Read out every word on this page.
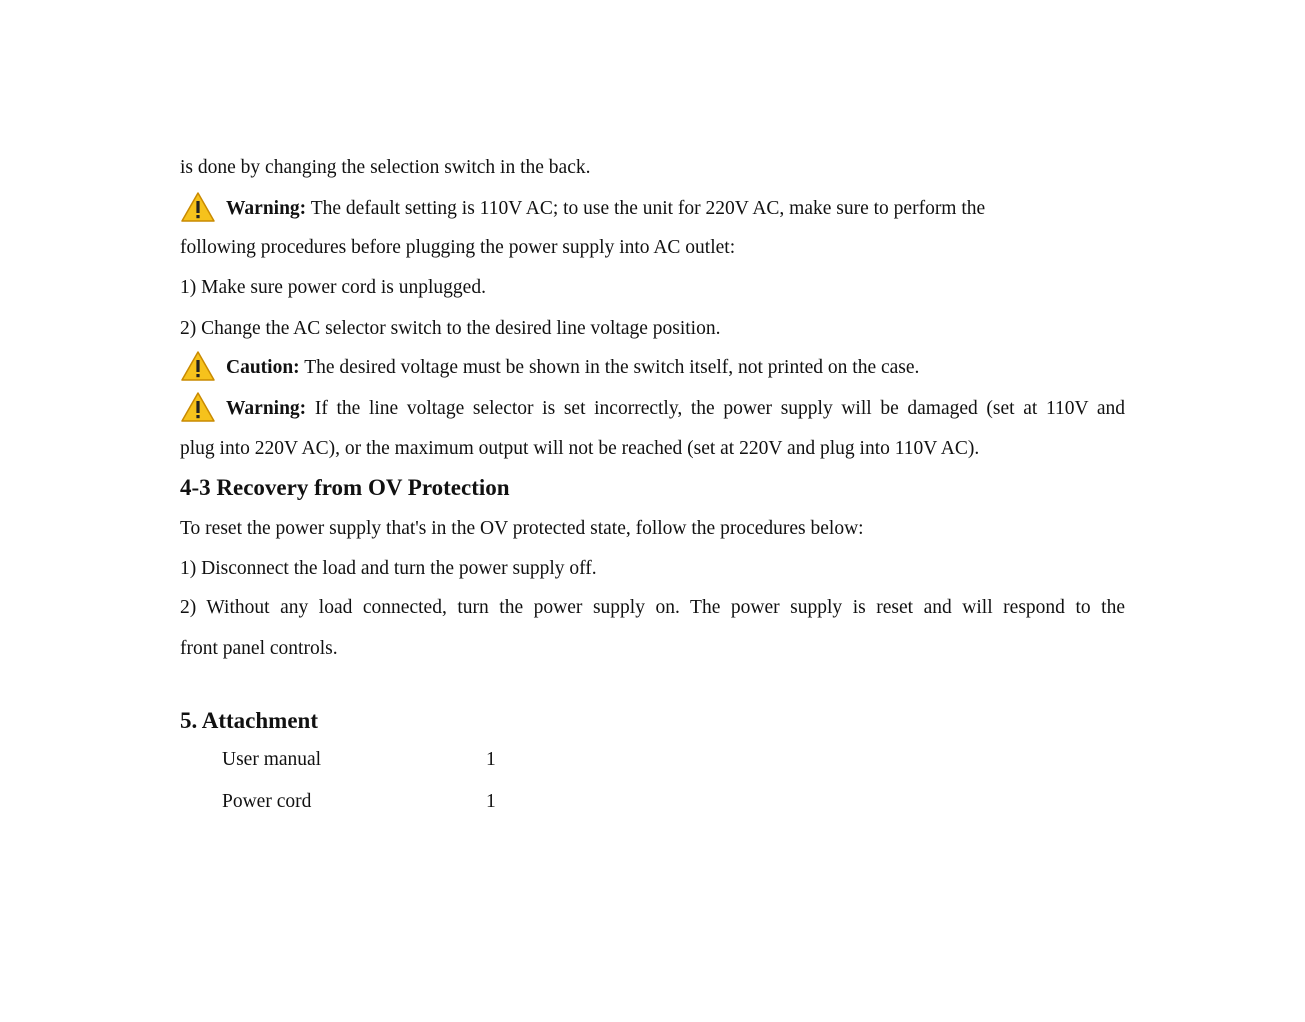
is done by changing the selection switch in the back.
Warning: The default setting is 110V AC; to use the unit for 220V AC, make sure to perform the
following procedures before plugging the power supply into AC outlet:
1) Make sure power cord is unplugged.
2) Change the AC selector switch to the desired line voltage position.
Caution: The desired voltage must be shown in the switch itself, not printed on the case.
Warning: If the line voltage selector is set incorrectly, the power supply will be damaged (set at 110V and
plug into 220V AC), or the maximum output will not be reached (set at 220V and plug into 110V AC).
4-3 Recovery from OV Protection
To reset the power supply that's in the OV protected state, follow the procedures below:
1) Disconnect the load and turn the power supply off.
2) Without any load connected, turn the power supply on. The power supply is reset and will respond to the
front panel controls.
5. Attachment
User manual	1
Power cord	1
